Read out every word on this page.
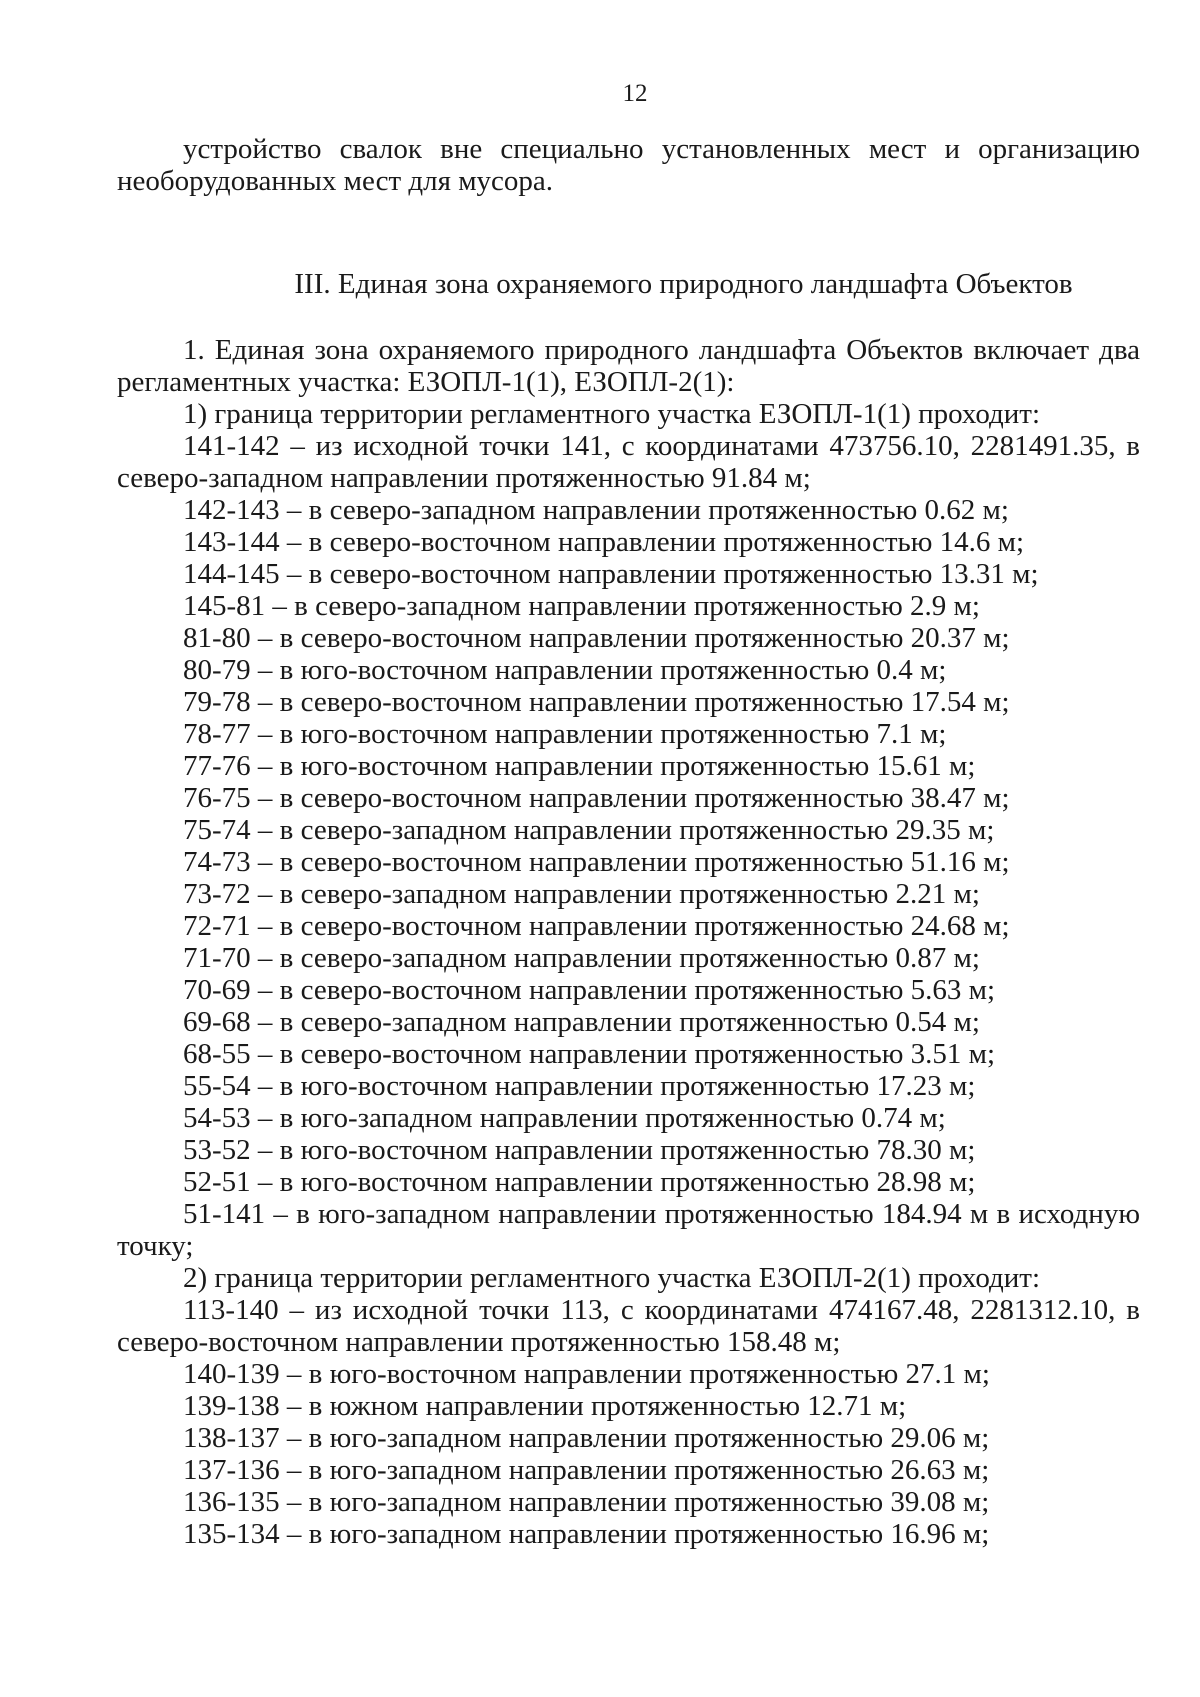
12

устройство свалок вне специально установленных мест и организацию необорудованных мест для мусора.

III. Единая зона охраняемого природного ландшафта Объектов

1. Единая зона охраняемого природного ландшафта Объектов включает два регламентных участка: ЕЗОПЛ-1(1), ЕЗОПЛ-2(1):

1) граница территории регламентного участка ЕЗОПЛ-1(1) проходит:

141-142 – из исходной точки 141, с координатами 473756.10, 2281491.35, в северо-западном направлении протяженностью 91.84 м;

142-143 – в северо-западном направлении протяженностью 0.62 м;

143-144 – в северо-восточном направлении протяженностью 14.6 м;

144-145 – в северо-восточном направлении протяженностью 13.31 м;

145-81 – в северо-западном направлении протяженностью 2.9 м;

81-80 – в северо-восточном направлении протяженностью 20.37 м;

80-79 – в юго-восточном направлении протяженностью 0.4 м;

79-78 – в северо-восточном направлении протяженностью 17.54 м;

78-77 – в юго-восточном направлении протяженностью 7.1 м;

77-76 – в юго-восточном направлении протяженностью 15.61 м;

76-75 – в северо-восточном направлении протяженностью 38.47 м;

75-74 – в северо-западном направлении протяженностью 29.35 м;

74-73 – в северо-восточном направлении протяженностью 51.16 м;

73-72 – в северо-западном направлении протяженностью 2.21 м;

72-71 – в северо-восточном направлении протяженностью 24.68 м;

71-70 – в северо-западном направлении протяженностью 0.87 м;

70-69 – в северо-восточном направлении протяженностью 5.63 м;

69-68 – в северо-западном направлении протяженностью 0.54 м;

68-55 – в северо-восточном направлении протяженностью 3.51 м;

55-54 – в юго-восточном направлении протяженностью 17.23 м;

54-53 – в юго-западном направлении протяженностью 0.74 м;

53-52 – в юго-восточном направлении протяженностью 78.30 м;

52-51 – в юго-восточном направлении протяженностью 28.98 м;

51-141 – в юго-западном направлении протяженностью 184.94 м в исходную точку;

2) граница территории регламентного участка ЕЗОПЛ-2(1) проходит:

113-140 – из исходной точки 113, с координатами 474167.48, 2281312.10, в северо-восточном направлении протяженностью 158.48 м;

140-139 – в юго-восточном направлении протяженностью 27.1 м;

139-138 – в южном направлении протяженностью 12.71 м;

138-137 – в юго-западном направлении протяженностью 29.06 м;

137-136 – в юго-западном направлении протяженностью 26.63 м;

136-135 – в юго-западном направлении протяженностью 39.08 м;

135-134 – в юго-западном направлении протяженностью 16.96 м;
